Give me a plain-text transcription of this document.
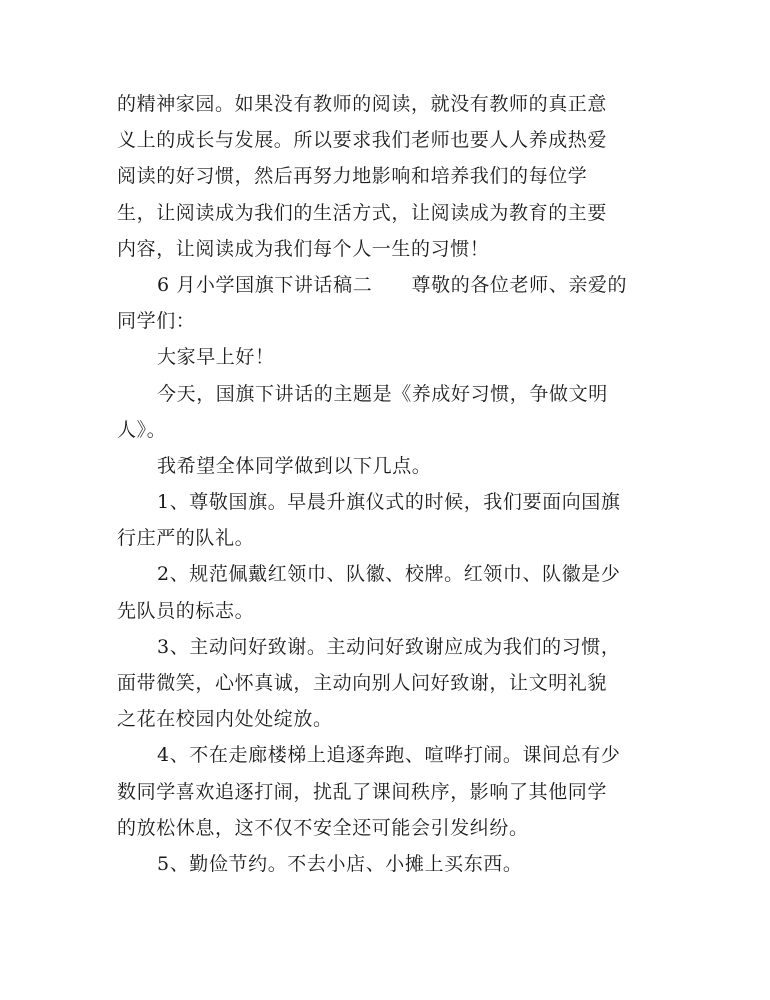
的精神家园。如果没有教师的阅读，就没有教师的真正意
义上的成长与发展。所以要求我们老师也要人人养成热爱
阅读的好习惯，然后再努力地影响和培养我们的每位学
生，让阅读成为我们的生活方式，让阅读成为教育的主要
内容，让阅读成为我们每个人一生的习惯！
6 月小学国旗下讲话稿二　　尊敬的各位老师、亲爱的
同学们：
大家早上好！
今天，国旗下讲话的主题是《养成好习惯，争做文明
人》。
我希望全体同学做到以下几点。
1、尊敬国旗。早晨升旗仪式的时候，我们要面向国旗
行庄严的队礼。
2、规范佩戴红领巾、队徽、校牌。红领巾、队徽是少
先队员的标志。
3、主动问好致谢。主动问好致谢应成为我们的习惯，
面带微笑，心怀真诚，主动向别人问好致谢，让文明礼貌
之花在校园内处处绽放。
4、不在走廊楼梯上追逐奔跑、喧哗打闹。课间总有少
数同学喜欢追逐打闹，扰乱了课间秩序，影响了其他同学
的放松休息，这不仅不安全还可能会引发纠纷。
5、勤俭节约。不去小店、小摊上买东西。
